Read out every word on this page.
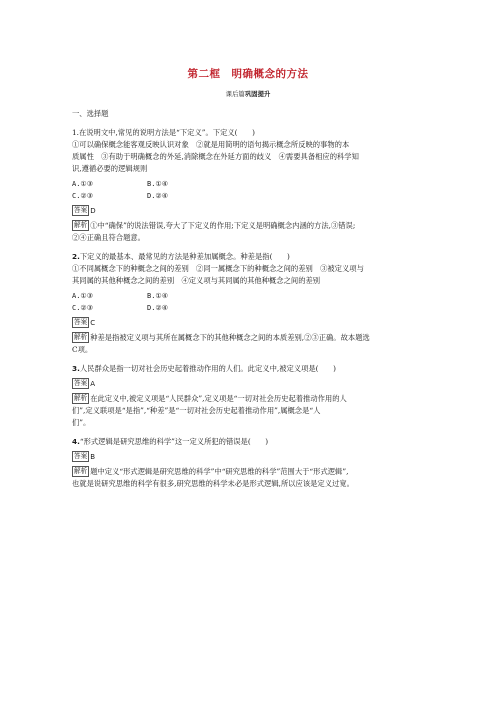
第二框　明确概念的方法
课后篇巩固提升
一、选择题
1.在说明文中,常见的说明方法是“下定义”。下定义(　　)
①可以确保概念能客观反映认识对象　②就是用简明的语句揭示概念所反映的事物的本
质属性　③有助于明确概念的外延,消除概念在外延方面的歧义　④需要具备相应的科学知
识,遵循必要的逻辑规则
A.①③	B.①④
C.②③	D.②④
答案 D
解析 ①中“确保”的说法错误,夸大了下定义的作用;下定义是明确概念内涵的方法,③错误;
②④正确且符合题意。
2.下定义的最基本、最常见的方法是种差加属概念。种差是指(　　)
①不同属概念下的种概念之间的差别　②同一属概念下的种概念之间的差别　③被定义项与
其同属的其他种概念之间的差别　④定义项与其同属的其他种概念之间的差别
A.①③	B.①④
C.②③	D.②④
答案 C
解析 种差是指被定义项与其所在属概念下的其他种概念之间的本质差别,②③正确。故本题选
C项。
3.人民群众是指一切对社会历史起着推动作用的人们。此定义中,被定义项是(　　)
答案 A
解析 在此定义中,被定义项是“人民群众”,定义项是“一切对社会历史起着推动作用的人
们”,定义联项是“是指”,“种差”是“一切对社会历史起着推动作用”,属概念是“人
们”。
4.“形式逻辑是研究思维的科学”这一定义所犯的错误是(　　)
答案 B
解析 题中定义“形式逻辑是研究思维的科学”中“研究思维的科学”范围大于“形式逻辑”,
也就是说研究思维的科学有很多,研究思维的科学未必是形式逻辑,所以应该是定义过宽。
